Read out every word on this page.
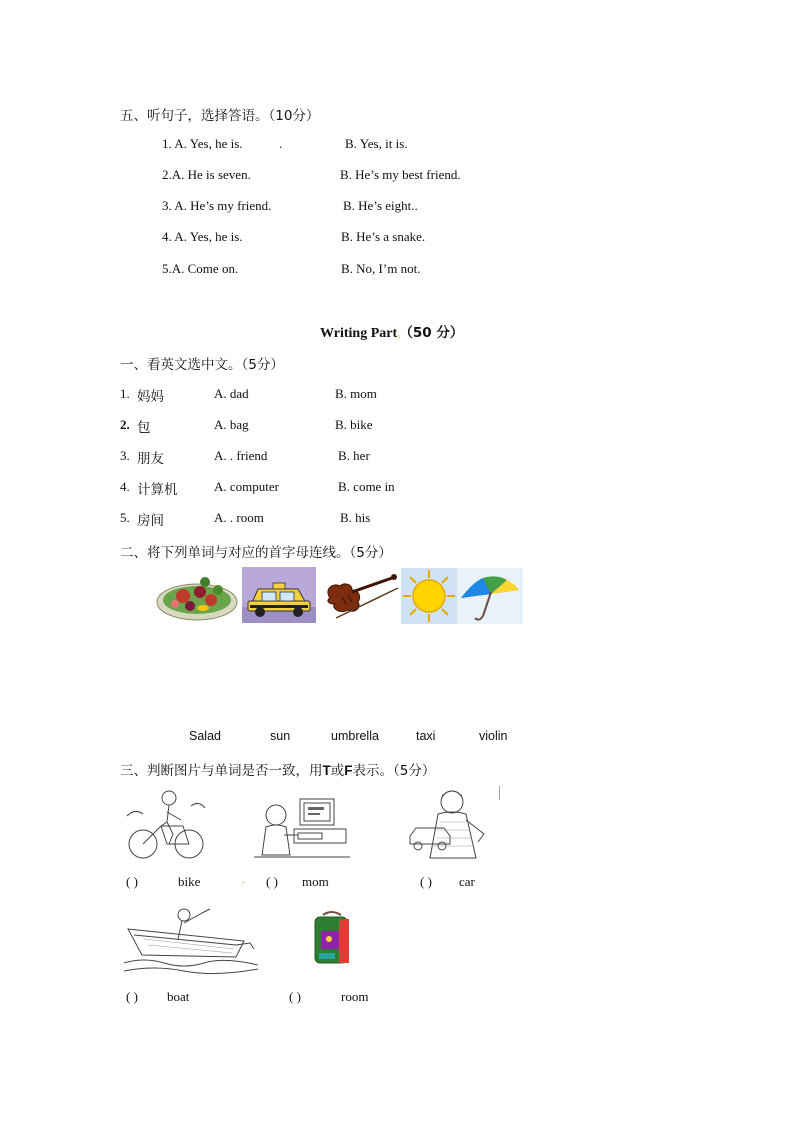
五、听句子，选择答语。（10分）
1. A. Yes, he is.	.	B. Yes, it is.
2.A. He is seven.	B. He’s my best friend.
3. A. He’s my friend.	B. He’s eight..
4. A. Yes, he is.	B. He’s a snake.
5.A. Come on.	B. No, I’m not.
Writing Part。（50 分）
一、看英文选中文。（5分）
1. 妈妈	A. dad	B. mom
2. 包	A. bag	B. bike
3. 朋友	A. . friend	B. her
4. 计算机	A. computer	B. come in
5. 房间	A. . room	B. his
二、将下列单词与对应的首字母连线。（5分）
Salad	sun	umbrella	taxi	violin
三、判断图片与单词是否一致，用T或F表示。（5分）
( )	bike	. ( ) mom	( ) car
( ) boat	( )	room
